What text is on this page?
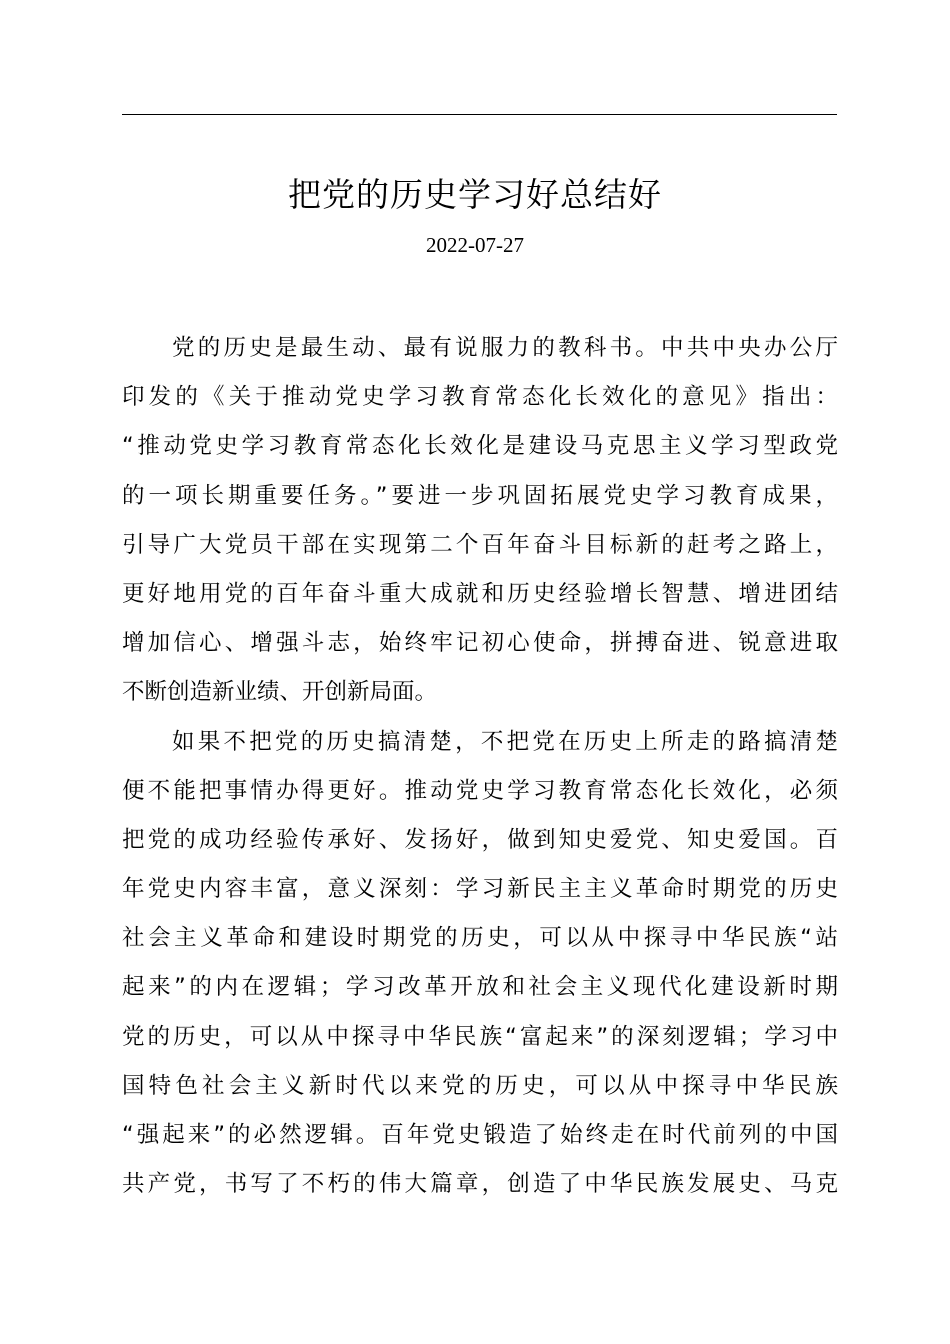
把党的历史学习好总结好
2022-07-27
党的历史是最生动、最有说服力的教科书。中共中央办公厅
印发的《关于推动党史学习教育常态化长效化的意见》指出：
“推动党史学习教育常态化长效化是建设马克思主义学习型政党
的一项长期重要任务。”要进一步巩固拓展党史学习教育成果，
引导广大党员干部在实现第二个百年奋斗目标新的赶考之路上，
更好地用党的百年奋斗重大成就和历史经验增长智慧、增进团结
增加信心、增强斗志，始终牢记初心使命，拼搏奋进、锐意进取
不断创造新业绩、开创新局面。
如果不把党的历史搞清楚，不把党在历史上所走的路搞清楚
便不能把事情办得更好。推动党史学习教育常态化长效化，必须
把党的成功经验传承好、发扬好，做到知史爱党、知史爱国。百
年党史内容丰富，意义深刻：学习新民主主义革命时期党的历史
社会主义革命和建设时期党的历史，可以从中探寻中华民族“站
起来”的内在逻辑；学习改革开放和社会主义现代化建设新时期
党的历史，可以从中探寻中华民族“富起来”的深刻逻辑；学习中
国特色社会主义新时代以来党的历史，可以从中探寻中华民族
“强起来”的必然逻辑。百年党史锻造了始终走在时代前列的中国
共产党，书写了不朽的伟大篇章，创造了中华民族发展史、马克
